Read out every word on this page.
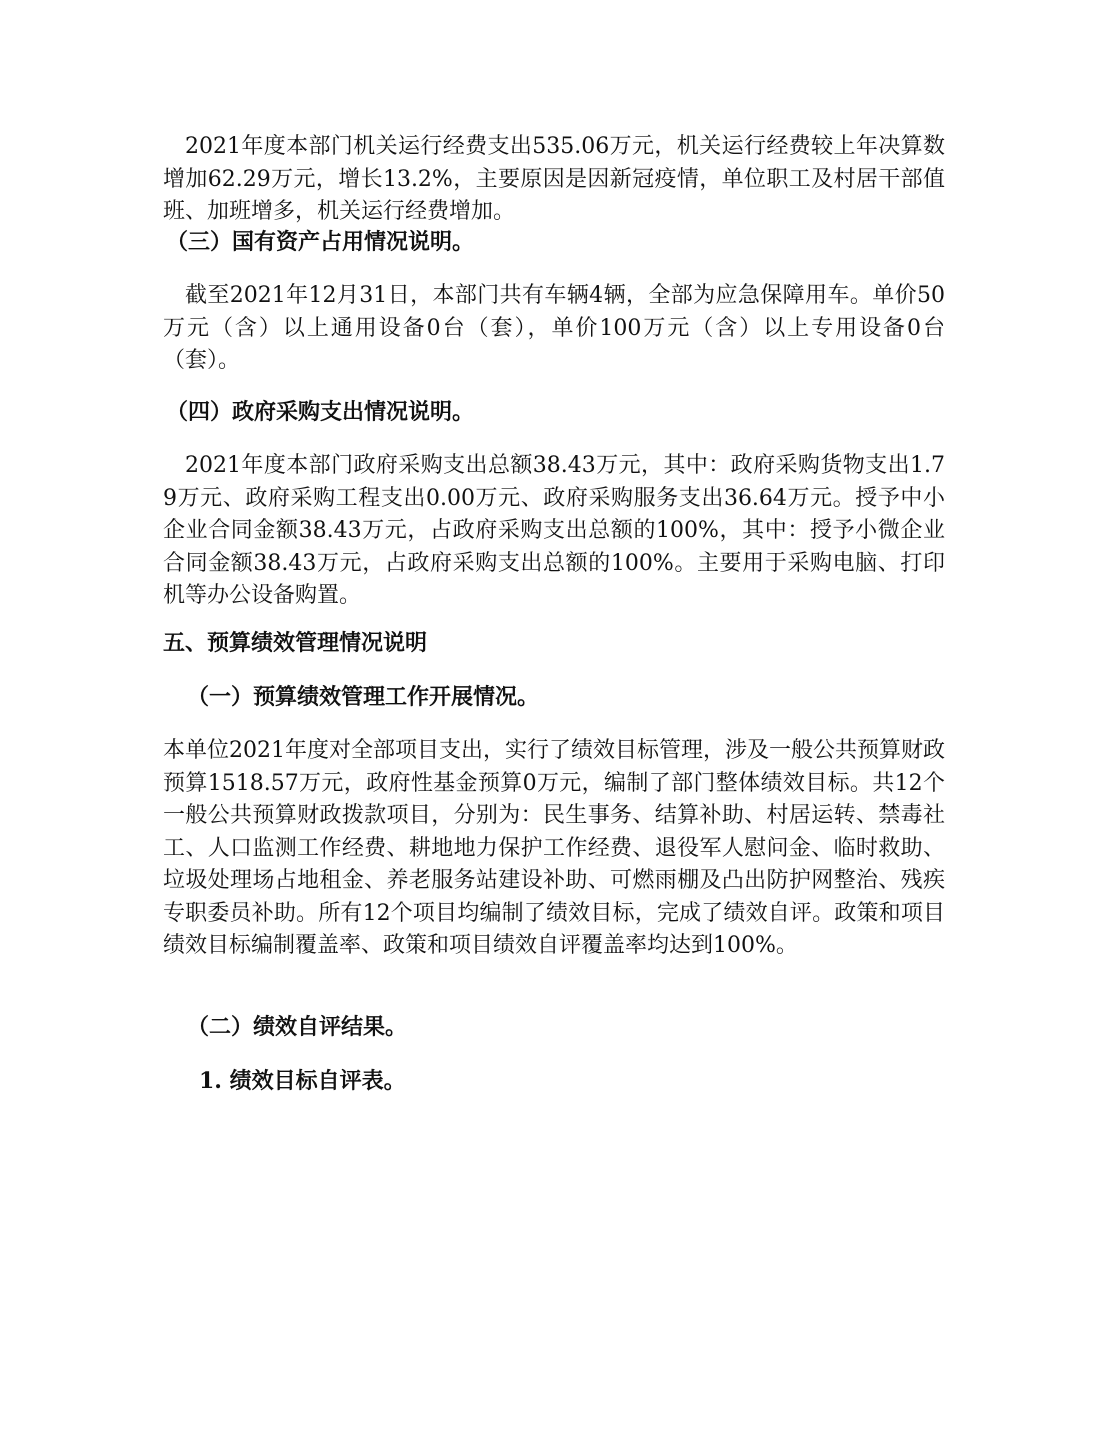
2021年度本部门机关运行经费支出535.06万元，机关运行经费较上年决算数增加62.29万元，增长13.2%，主要原因是因新冠疫情，单位职工及村居干部值班、加班增多，机关运行经费增加。

（三）国有资产占用情况说明。

截至2021年12月31日，本部门共有车辆4辆，全部为应急保障用车。单价50万元（含）以上通用设备0台（套），单价100万元（含）以上专用设备0台（套）。

（四）政府采购支出情况说明。

2021年度本部门政府采购支出总额38.43万元，其中：政府采购货物支出1.79万元、政府采购工程支出0.00万元、政府采购服务支出36.64万元。授予中小企业合同金额38.43万元，占政府采购支出总额的100%，其中：授予小微企业合同金额38.43万元，占政府采购支出总额的100%。主要用于采购电脑、打印机等办公设备购置。

五、预算绩效管理情况说明
（一）预算绩效管理工作开展情况。

本单位2021年度对全部项目支出，实行了绩效目标管理，涉及一般公共预算财政预算1518.57万元，政府性基金预算0万元，编制了部门整体绩效目标。共12个一般公共预算财政拨款项目，分别为：民生事务、结算补助、村居运转、禁毒社工、人口监测工作经费、耕地地力保护工作经费、退役军人慰问金、临时救助、垃圾处理场占地租金、养老服务站建设补助、可燃雨棚及凸出防护网整治、残疾专职委员补助。所有12个项目均编制了绩效目标，完成了绩效自评。政策和项目绩效目标编制覆盖率、政策和项目绩效自评覆盖率均达到100%。

（二）绩效自评结果。
1. 绩效目标自评表。
